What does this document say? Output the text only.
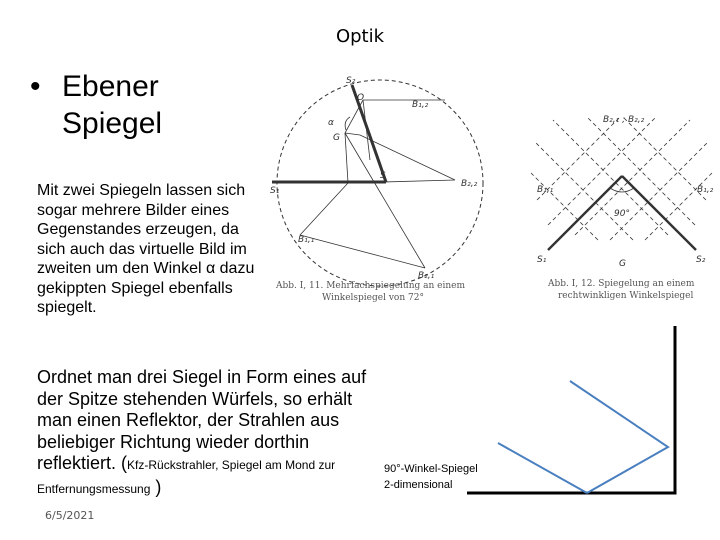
Optik
• Ebener
Spiegel
Mit zwei Spiegeln lassen sich sogar mehrere Bilder eines Gegenstandes erzeugen, da sich auch das virtuelle Bild im zweiten um den Winkel α dazu gekippten Spiegel ebenfalls spiegelt.
Ordnet man drei Siegel in Form eines auf der Spitze stehenden Würfels, so erhält man einen Reflektor, der Strahlen aus beliebiger Richtung wieder dorthin reflektiert. (Kfz-Rückstrahler, Spiegel am Mond zur Entfernungsmessung )
6/5/2021
90°-Winkel-Spiegel
2-dimensional
S₂
O
B₁,₂
α
G
S₁
S
B₂,₂
B₁,₁
B₂,₁
Abb. I, 11. Mehrfachspiegelung an einem
Winkelspiegel von 72°
B₂,₁ ; B₂,₂
B₁,₁	B₁,₂
90°
S₁	S₂
G
Abb. I, 12. Spiegelung an einem
rechtwinkligen Winkelspiegel
